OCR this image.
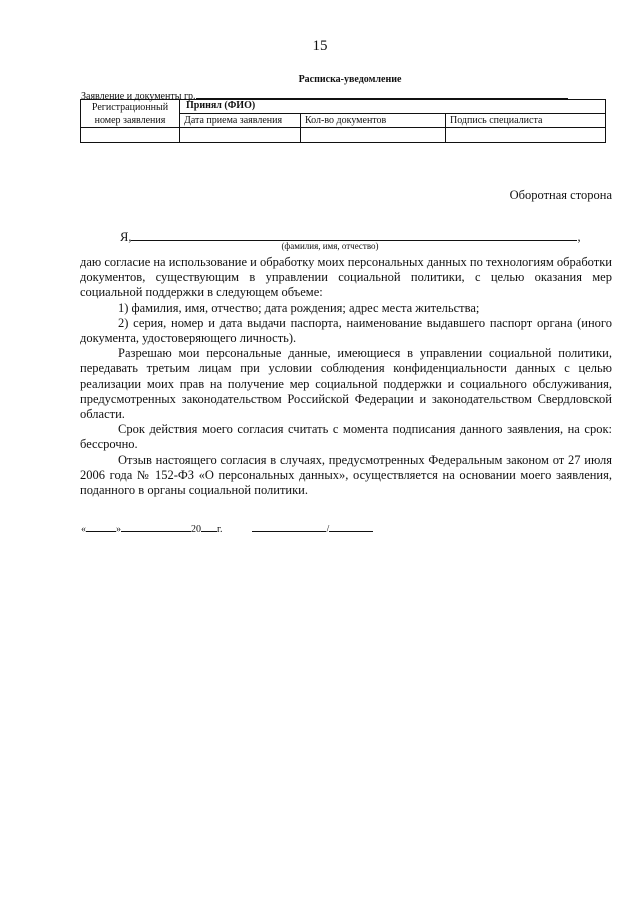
15
Расписка-уведомление
Заявление и документы гр.
Регистрационный номер заявления	Принял (ФИО)		
	Дата приема заявления	Кол-во документов	Подпись специалиста

Оборотная сторона
Я,	,
(фамилия, имя, отчество)

даю согласие на использование и обработку моих персональных данных по технологиям обработки документов, существующим в управлении социальной политики, с целью оказания мер социальной поддержки в следующем объеме:

1) фамилия, имя, отчество; дата рождения; адрес места жительства;

2) серия, номер и дата выдачи паспорта, наименование выдавшего паспорт органа (иного документа, удостоверяющего личность).

Разрешаю мои персональные данные, имеющиеся в управлении социальной политики, передавать третьим лицам при условии соблюдения конфиденциальности данных с целью реализации моих прав на получение мер социальной поддержки и социального обслуживания, предусмотренных законодательством Российской Федерации и законодательством Свердловской области.

Срок действия моего согласия считать с момента подписания данного заявления, на срок: бессрочно.

Отзыв настоящего согласия в случаях, предусмотренных Федеральным законом от 27 июля 2006 года № 152-ФЗ «О персональных данных», осуществляется на основании моего заявления, поданного в органы социальной политики.

«	»	20 г.	/
